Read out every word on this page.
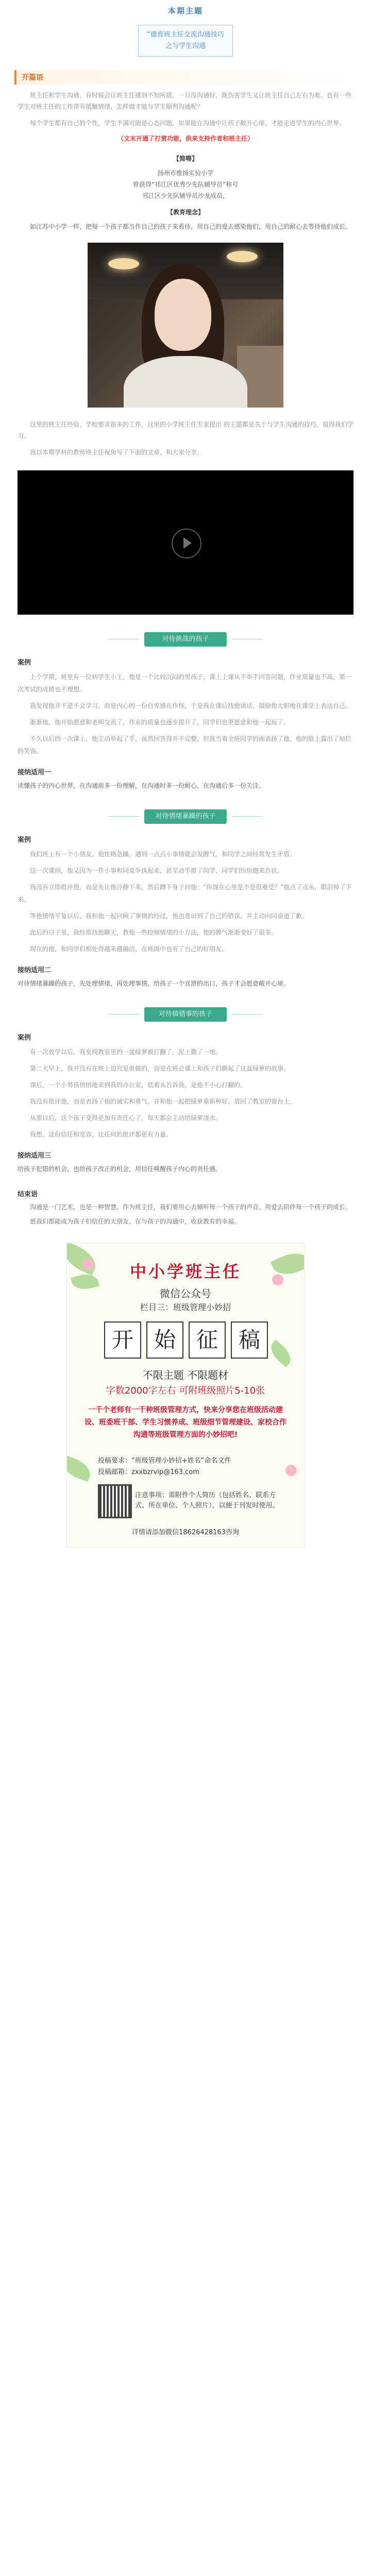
本期主题
“德育班主任交流沟通技巧
之与学生沟通
开篇语
班主任和学生沟通，有时候会让班主任感到不知所措，一旦没沟通好，既伤害学生又让班主任自己左右为难。也有一些学生对班主任的工作带有抵触情绪，怎样做才能与学生顺利沟通呢？
每个学生都有自己的个性，学生不满可能是心态问题，如果能在沟通中让孩子敞开心扉，才能走进学生的内心世界。
（文末开通了打赏功能，供来支持作者和班主任）
【简嘚】
扬州市维扬实验小学
曾获得“邗江区优秀少先队辅导员”称号
邗江区少先队辅导员沙龙成员，
【教育理念】
如江苏中小学一样，把每一个孩子都当作自己的孩子来看待，用自己的爱去感染他们，用自己的耐心去等待他们成长。
这里的班主任经验，学校要求很多的工作，这里的小学班主任专家提出 的主题都是关于与学生沟通的技巧，值得我们学习。
我以本期学科的教师班主任视角写了下面的文章，和大家分享。
对待挑战的孩子
案例
上个学期，班里有一位转学生小王，他是一个比较沉闷的男孩子，课上上课从不举手回答问题，作业质量也不高，第一次考试的成绩也不理想。
我发现他并不是不会学习，而是内心的一份自卑感在作怪，于是我在课后找他谈话，鼓励他大胆地在课堂上表达自己。
渐渐地，他开始愿意和老师交流了，作业的质量也逐步提升了，同学们也更愿意和他一起玩了。
不久以后的一次课上，他主动举起了手，虽然回答得并不完整，但我当着全班同学的面表扬了他，他的脸上露出了灿烂的笑容。
接纳适用一
读懂孩子的内心世界，在沟通前多一份理解，在沟通时多一份耐心，在沟通后多一份关注。
对待情绪暴躁的孩子
案例
我们班上有一个小朋友，他性格急躁，遇到一点点小事情就会发脾气，和同学之间经常发生矛盾。
这一次课间，他又因为一件小事和同桌争执起来，甚至动手推了同学，同学们纷纷跑来告状。
我没有立即批评他，而是先让他冷静下来，然后蹲下身子问他：“你现在心里是不是很难受？”他点了点头，眼泪掉了下来。
等他情绪平复以后，我和他一起回顾了事情的经过，他也意识到了自己的错误，并主动向同桌道了歉。
此后的日子里，我经常找他聊天，教他一些控制情绪的小方法，他的脾气渐渐变好了很多。
现在的他，和同学们相处得越来越融洽，在班级中也有了自己的好朋友。
接纳适用二
对待情绪暴躁的孩子，先处理情绪，再处理事情，给孩子一个宣泄的出口，孩子才会愿意敞开心扉。
对待做错事的孩子
案例
有一次放学以后，我发现教室里的一盆绿萝被打翻了，泥土撒了一地。
第二天早上，我并没有在班上追究是谁做的，而是在班会课上和孩子们聊起了这盆绿萝的故事。
课后，一个小男孩悄悄地来到我的办公室，低着头告诉我，是他不小心打翻的。
我没有批评他，而是表扬了他的诚实和勇气，并和他一起把绿萝重新种好，放回了教室的窗台上。
从那以后，这个孩子变得更加有责任心了，每天都会主动给绿萝浇水。
我想，这份信任和宽容，比任何的批评都更有力量。
接纳适用三
给孩子犯错的机会，也给孩子改正的机会，用信任唤醒孩子内心的责任感。
结束语
沟通是一门艺术，也是一种智慧。作为班主任，我们要用心去倾听每一个孩子的声音，用爱去陪伴每一个孩子的成长。
愿我们都能成为孩子们信任的大朋友，在与孩子的沟通中，收获教育的幸福。
中小学班主任
微信公众号
栏目三：班级管理小妙招
开 始 征 稿
不限主题 不限题材
字数2000字左右 可附班级照片5-10张
一千个老师有一千种班级管理方式，快来分享您在班级活动建设、班委班干部、学生习惯养成、班级细节管理建设、家校合作沟通等班级管理方面的小妙招吧!
投稿要求：“班级管理小妙招+姓名”命名文件
投稿邮箱：zxxbzrvip@163.com
注意事项：需附件个人简历（包括姓名、联系方式、所在单位、个人照片），以便于刊发时使用。
详情请添加微信18626428163咨询
